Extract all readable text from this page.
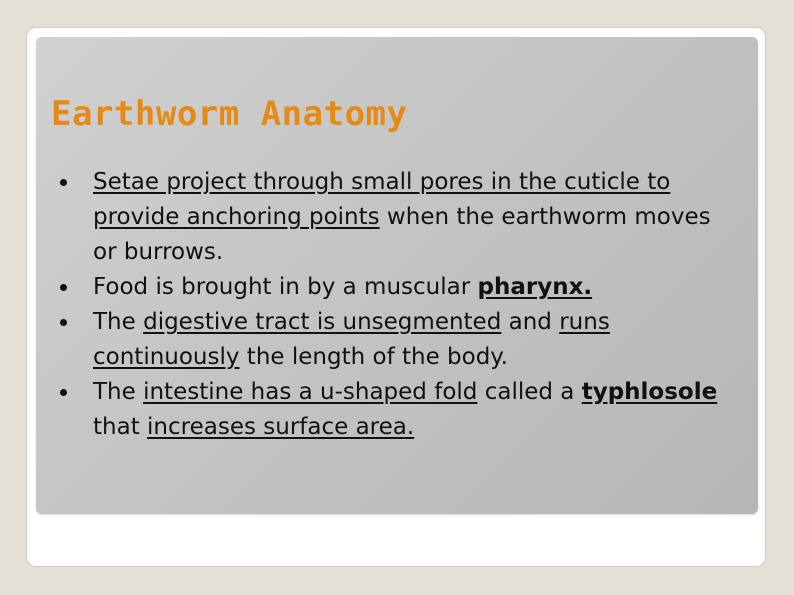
Earthworm Anatomy
Setae project through small pores in the cuticle to provide anchoring points when the earthworm moves or burrows.
Food is brought in by a muscular pharynx.
The digestive tract is unsegmented and runs continuously the length of the body.
The intestine has a u-shaped fold called a typhlosole that increases surface area.
